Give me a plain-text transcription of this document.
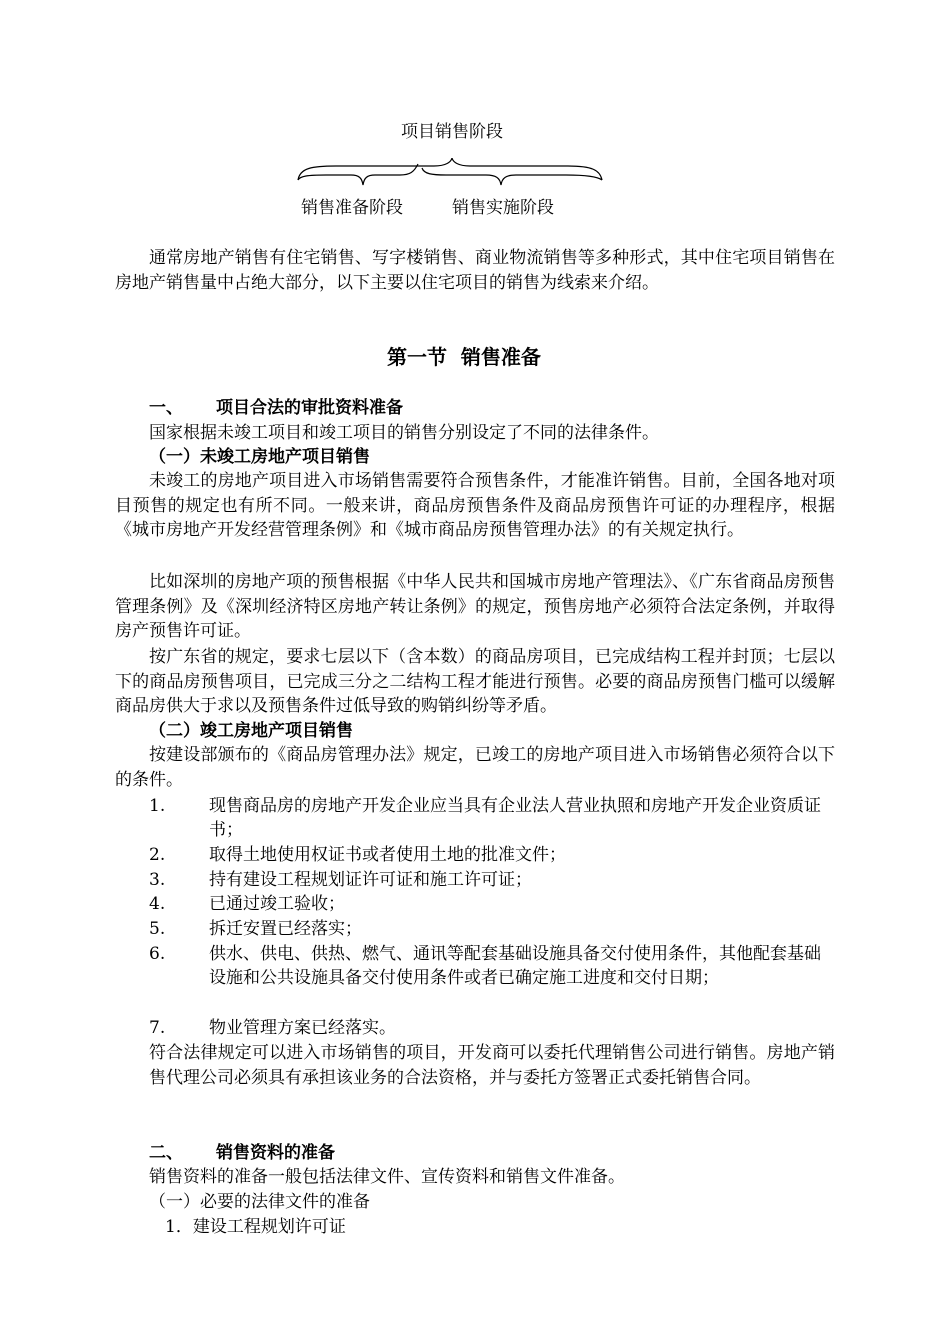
项目销售阶段
销售准备阶段	销售实施阶段
通常房地产销售有住宅销售、写字楼销售、商业物流销售等多种形式，其中住宅项目销售在房地产销售量中占绝大部分，以下主要以住宅项目的销售为线索来介绍。
第一节  销售准备
一、 项目合法的审批资料准备
国家根据未竣工项目和竣工项目的销售分别设定了不同的法律条件。
（一）未竣工房地产项目销售
未竣工的房地产项目进入市场销售需要符合预售条件，才能准许销售。目前，全国各地对项目预售的规定也有所不同。一般来讲，商品房预售条件及商品房预售许可证的办理程序，根据《城市房地产开发经营管理条例》和《城市商品房预售管理办法》的有关规定执行。
比如深圳的房地产项的预售根据《中华人民共和国城市房地产管理法》、《广东省商品房预售管理条例》及《深圳经济特区房地产转让条例》的规定，预售房地产必须符合法定条例，并取得房产预售许可证。
按广东省的规定，要求七层以下（含本数）的商品房项目，已完成结构工程并封顶；七层以下的商品房预售项目，已完成三分之二结构工程才能进行预售。必要的商品房预售门槛可以缓解商品房供大于求以及预售条件过低导致的购销纠纷等矛盾。
（二）竣工房地产项目销售
按建设部颁布的《商品房管理办法》规定，已竣工的房地产项目进入市场销售必须符合以下的条件。
1.	现售商品房的房地产开发企业应当具有企业法人营业执照和房地产开发企业资质证书；
2.	取得土地使用权证书或者使用土地的批准文件；
3.	持有建设工程规划证许可证和施工许可证；
4.	已通过竣工验收；
5.	拆迁安置已经落实；
6.	供水、供电、供热、燃气、通讯等配套基础设施具备交付使用条件，其他配套基础设施和公共设施具备交付使用条件或者已确定施工进度和交付日期；
7.	物业管理方案已经落实。
符合法律规定可以进入市场销售的项目，开发商可以委托代理销售公司进行销售。房地产销售代理公司必须具有承担该业务的合法资格，并与委托方签署正式委托销售合同。
二、 销售资料的准备
销售资料的准备一般包括法律文件、宣传资料和销售文件准备。
（一）必要的法律文件的准备
1．建设工程规划许可证
